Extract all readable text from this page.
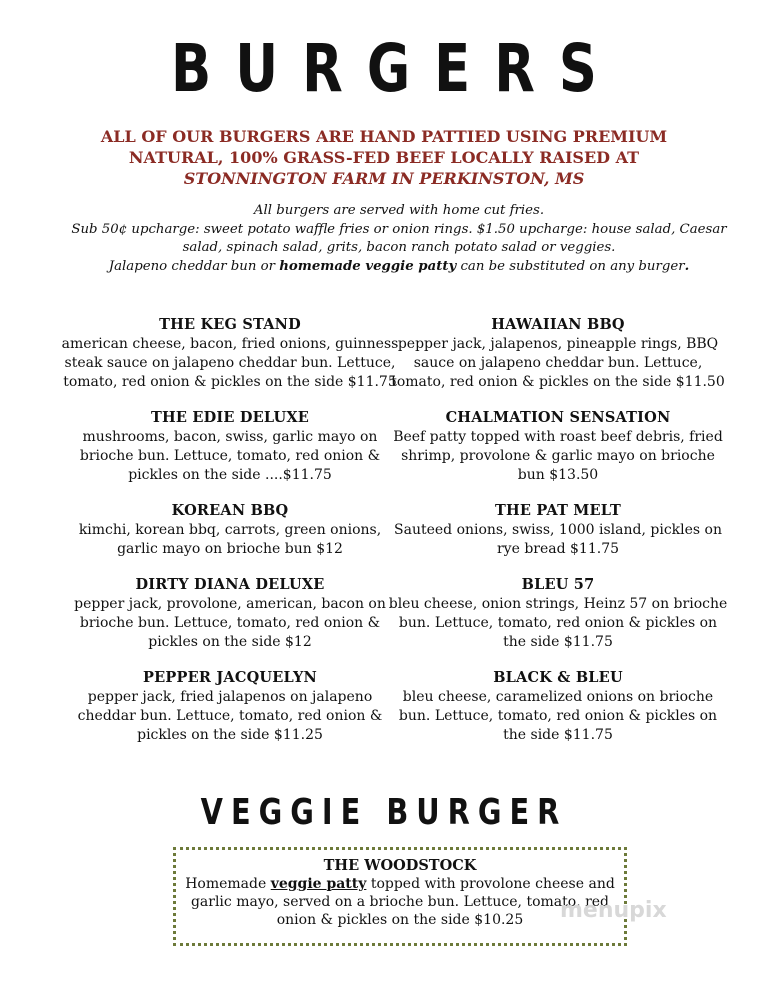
BURGERS
ALL OF OUR BURGERS ARE HAND PATTIED USING PREMIUM
NATURAL, 100% GRASS-FED BEEF LOCALLY RAISED AT
STONNINGTON FARM IN PERKINSTON, MS
All burgers are served with home cut fries.
Sub 50¢ upcharge: sweet potato waffle fries or onion rings. $1.50 upcharge: house salad, Caesar salad, spinach salad, grits, bacon ranch potato salad or veggies.
Jalapeno cheddar bun or homemade veggie patty can be substituted on any burger.
THE KEG STAND

american cheese, bacon, fried onions, guinness steak sauce on jalapeno cheddar bun. Lettuce, tomato, red onion & pickles on the side $11.75

THE EDIE DELUXE

mushrooms, bacon, swiss, garlic mayo on brioche bun. Lettuce, tomato, red onion & pickles on the side ....$11.75

KOREAN BBQ

kimchi, korean bbq, carrots, green onions, garlic mayo on brioche bun $12

DIRTY DIANA DELUXE

pepper jack, provolone, american, bacon on brioche bun. Lettuce, tomato, red onion & pickles on the side $12

PEPPER JACQUELYN

pepper jack, fried jalapenos on jalapeno cheddar bun. Lettuce, tomato, red onion & pickles on the side $11.25

HAWAIIAN BBQ

pepper jack, jalapenos, pineapple rings, BBQ sauce on jalapeno cheddar bun. Lettuce, tomato, red onion & pickles on the side $11.50

CHALMATION SENSATION

Beef patty topped with roast beef debris, fried shrimp, provolone & garlic mayo on brioche bun $13.50

THE PAT MELT

Sauteed onions, swiss, 1000 island, pickles on rye bread $11.75

BLEU 57

bleu cheese, onion strings, Heinz 57 on brioche bun. Lettuce, tomato, red onion & pickles on the side $11.75

BLACK & BLEU

bleu cheese, caramelized onions on brioche bun. Lettuce, tomato, red onion & pickles on the side $11.75

VEGGIE BURGER
THE WOODSTOCK

Homemade veggie patty topped with provolone cheese and garlic mayo, served on a brioche bun. Lettuce, tomato, red onion & pickles on the side $10.25	menupix
